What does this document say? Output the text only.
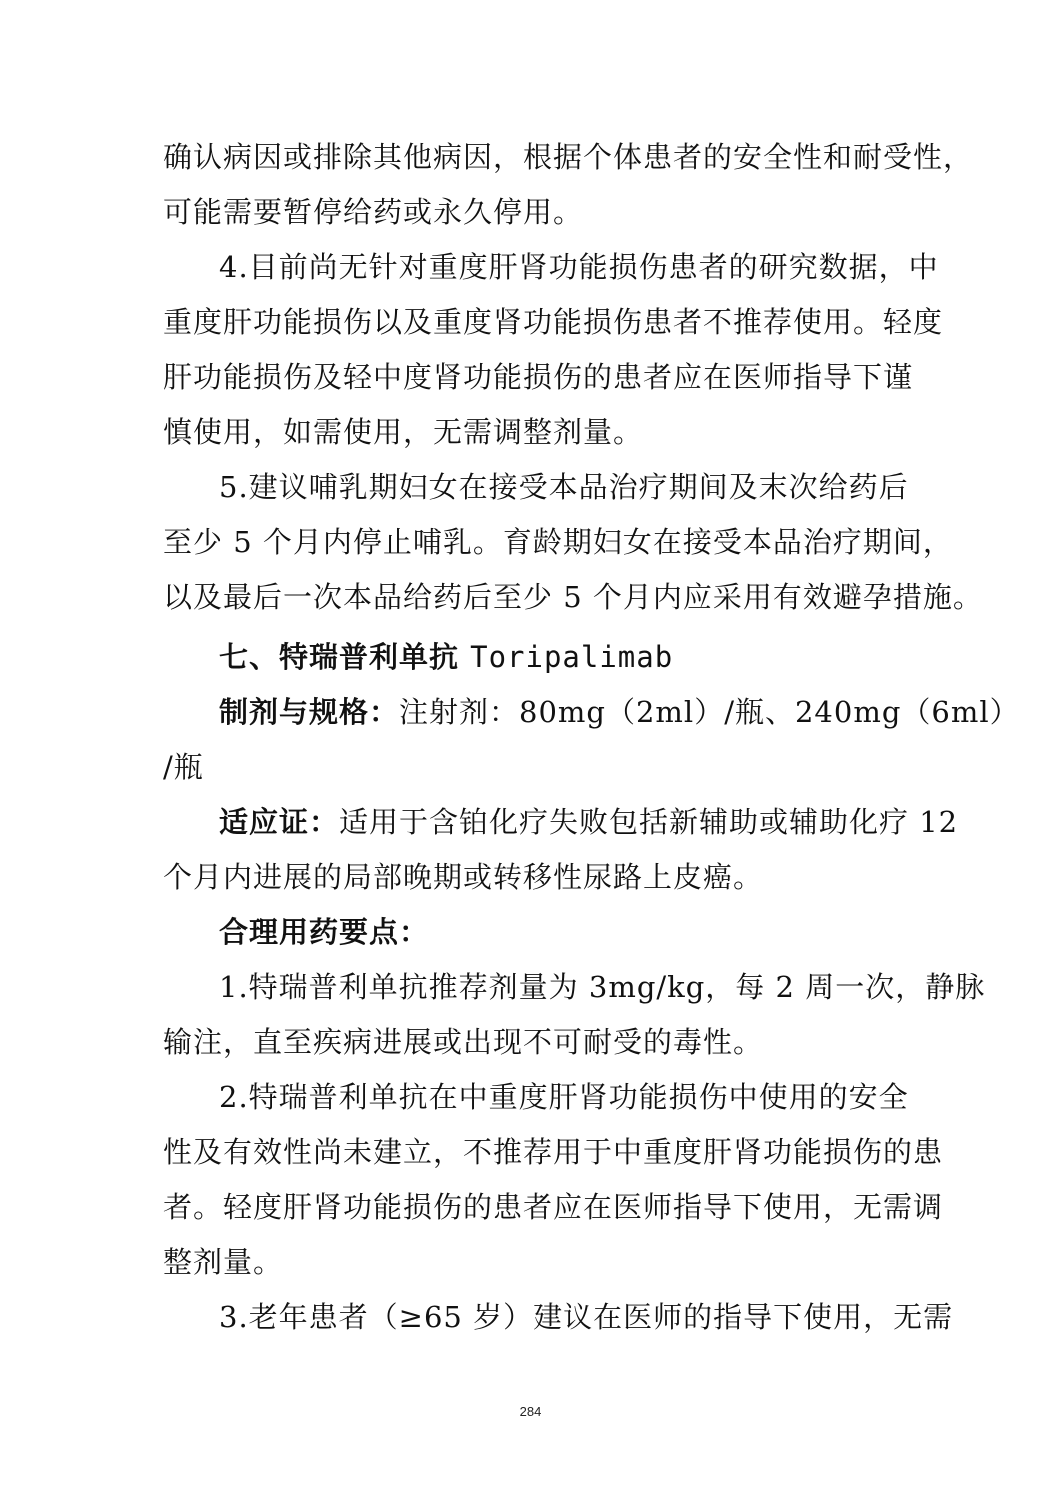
确认病因或排除其他病因，根据个体患者的安全性和耐受性，
可能需要暂停给药或永久停用。
4.目前尚无针对重度肝肾功能损伤患者的研究数据，中
重度肝功能损伤以及重度肾功能损伤患者不推荐使用。轻度
肝功能损伤及轻中度肾功能损伤的患者应在医师指导下谨
慎使用，如需使用，无需调整剂量。
5.建议哺乳期妇女在接受本品治疗期间及末次给药后
至少 5 个月内停止哺乳。育龄期妇女在接受本品治疗期间，
以及最后一次本品给药后至少 5 个月内应采用有效避孕措施。
七、特瑞普利单抗 Toripalimab
制剂与规格：注射剂：80mg（2ml）/瓶、240mg（6ml）
/瓶
适应证：适用于含铂化疗失败包括新辅助或辅助化疗 12
个月内进展的局部晚期或转移性尿路上皮癌。
合理用药要点：
1.特瑞普利单抗推荐剂量为 3mg/kg，每 2 周一次，静脉
输注，直至疾病进展或出现不可耐受的毒性。
2.特瑞普利单抗在中重度肝肾功能损伤中使用的安全
性及有效性尚未建立，不推荐用于中重度肝肾功能损伤的患
者。轻度肝肾功能损伤的患者应在医师指导下使用，无需调
整剂量。
3.老年患者（≥65 岁）建议在医师的指导下使用，无需
284
